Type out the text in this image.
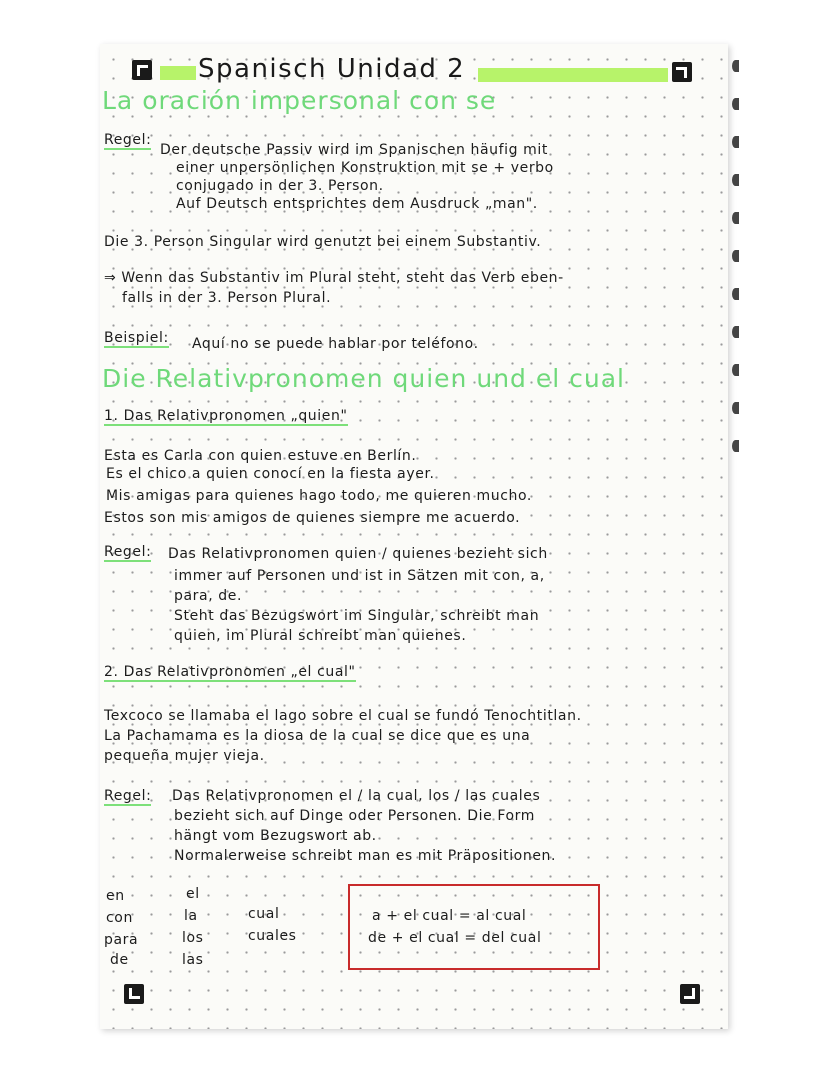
Spanisch Unidad 2
La oración impersonal con se
Regel:
Der deutsche Passiv wird im Spanischen häufig mit
einer unpersönlichen Konstruktion mit se + verbo
conjugado in der 3. Person.
Auf Deutsch entsprichtes dem Ausdruck „man".
Die 3. Person Singular wird genutzt bei einem Substantiv.
⇒ Wenn das Substantiv im Plural steht, steht das Verb eben-
falls in der 3. Person Plural.
Beispiel: Aquí no se puede hablar por teléfono.
Die Relativpronomen quien und el cual
1. Das Relativpronomen „quien"
Esta es Carla con quien estuve en Berlín.
Es el chico a quien conocí en la fiesta ayer.
Mis amigas para quienes hago todo, me quieren mucho.
Estos son mis amigos de quienes siempre me acuerdo.
Regel: Das Relativpronomen quien / quienes bezieht sich
immer auf Personen und ist in Sätzen mit con, a,
para, de.
Steht das Bezugswort im Singular, schreibt man
quien, im Plural schreibt man quienes.
2. Das Relativpronomen „el cual"
Texcoco se llamaba el lago sobre el cual se fundó Tenochtitlan.
La Pachamama es la diosa de la cual se dice que es una
pequeña mujer vieja.
Regel: Das Relativpronomen el / la cual, los / las cuales
bezieht sich auf Dinge oder Personen. Die Form
hängt vom Bezugswort ab.
Normalerweise schreibt man es mit Präpositionen.
en
con
para
de
el
la
los
las
cual
cuales
a + el cual = al cual
de + el cual = del cual
